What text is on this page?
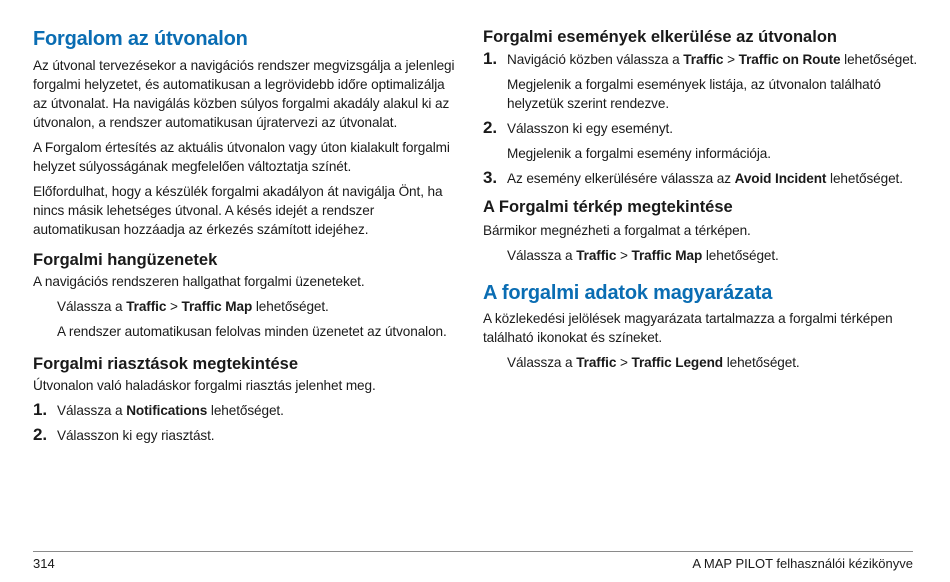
Forgalom az útvonalon

Az útvonal tervezésekor a navigációs rendszer megvizsgálja a jelenlegi forgalmi helyzetet, és automatikusan a legrövidebb időre optimalizálja az útvonalat. Ha navigálás közben súlyos forgalmi akadály alakul ki az útvonalon, a rendszer automatikusan újratervezi az útvonalat.

A Forgalom értesítés az aktuális útvonalon vagy úton kialakult forgalmi helyzet súlyosságának megfelelően változtatja színét.

Előfordulhat, hogy a készülék forgalmi akadályon át navigálja Önt, ha nincs másik lehetséges útvonal. A késés idejét a rendszer automatikusan hozzáadja az érkezés számított idejéhez.

Forgalmi hangüzenetek

A navigációs rendszeren hallgathat forgalmi üzeneteket.

Válassza a Traffic > Traffic Map lehetőséget.

A rendszer automatikusan felolvas minden üzenetet az útvonalon.

Forgalmi riasztások megtekintése

Útvonalon való haladáskor forgalmi riasztás jelenhet meg.

1. Válassza a Notifications lehetőséget.
2. Válasszon ki egy riasztást.
Forgalmi események elkerülése az útvonalon
1. Navigáció közben válassza a Traffic > Traffic on Route lehetőséget.

Megjelenik a forgalmi események listája, az útvonalon található helyzetük szerint rendezve.

2. Válasszon ki egy eseményt.

Megjelenik a forgalmi esemény információja.

3. Az esemény elkerülésére válassza az Avoid Incident lehetőséget.
A Forgalmi térkép megtekintése

Bármikor megnézheti a forgalmat a térképen.

Válassza a Traffic > Traffic Map lehetőséget.

A forgalmi adatok magyarázata

A közlekedési jelölések magyarázata tartalmazza a forgalmi térképen található ikonokat és színeket.

Válassza a Traffic > Traffic Legend lehetőséget.

314	A MAP PILOT felhasználói kézikönyve
